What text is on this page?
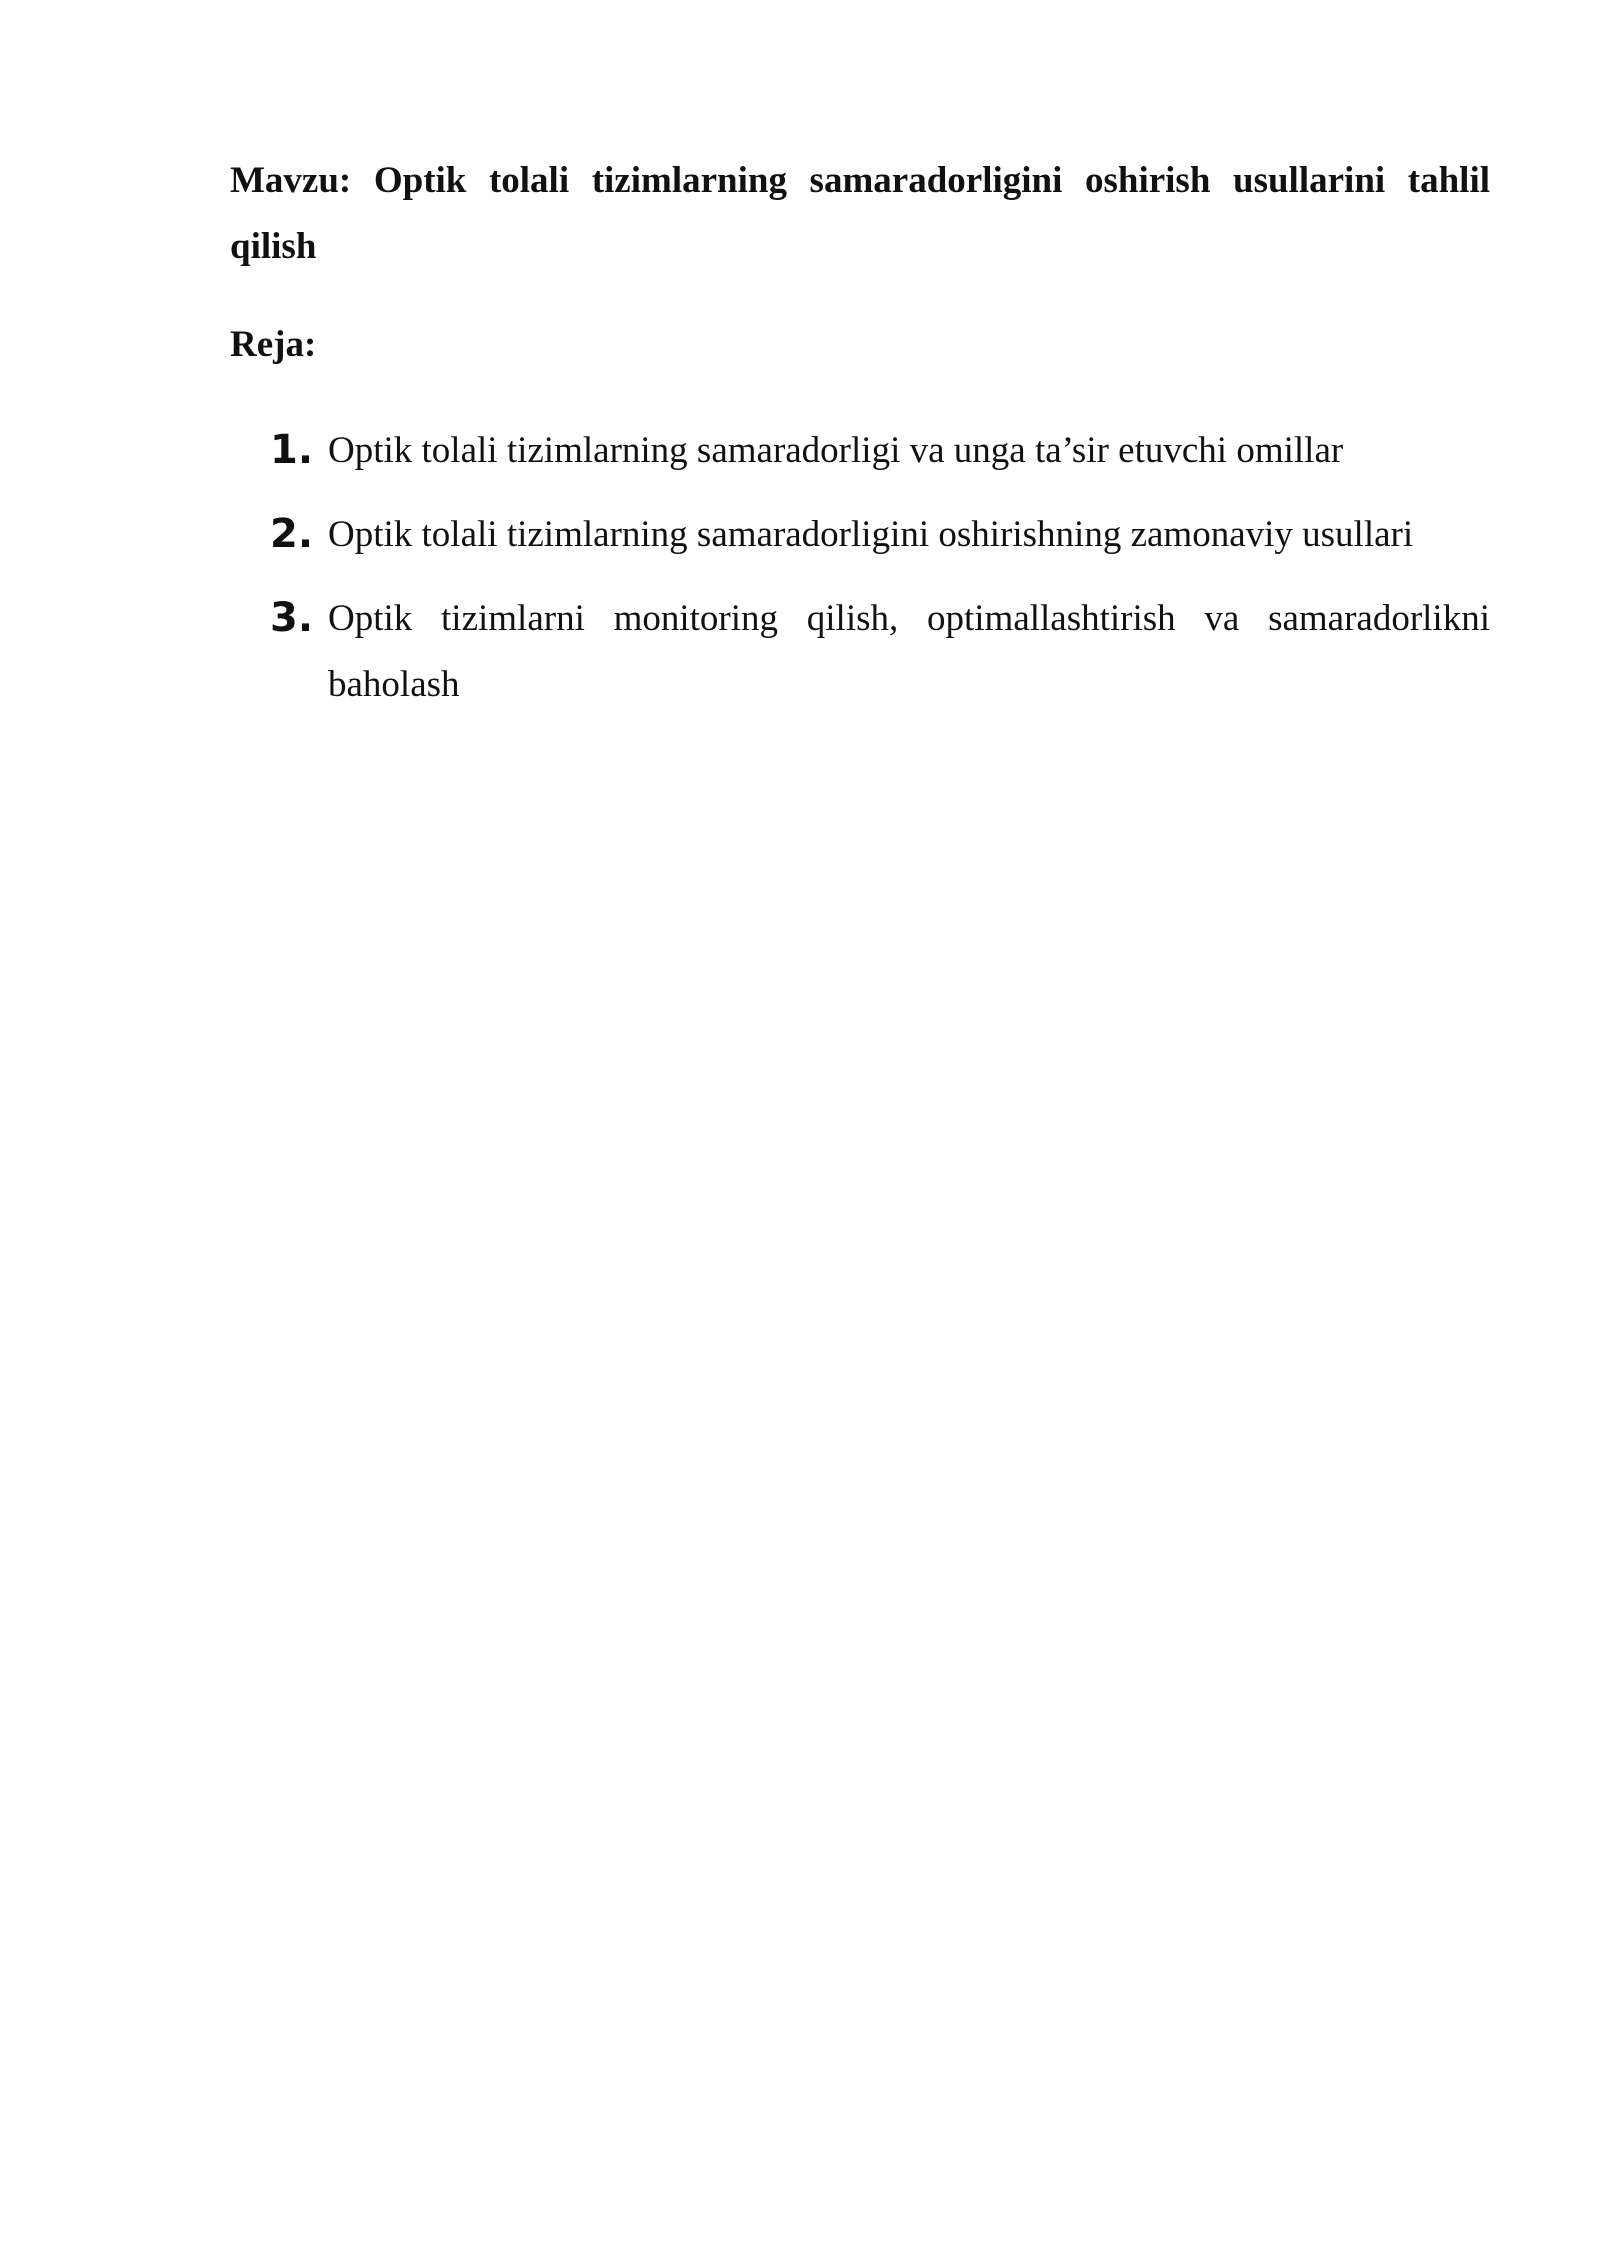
Mavzu: Optik tolali tizimlarning samaradorligini oshirish usullarini tahlil qilish

Reja:

1. Optik tolali tizimlarning samaradorligi va unga ta’sir etuvchi omillar
2. Optik tolali tizimlarning samaradorligini oshirishning zamonaviy usullari
3. Optik tizimlarni monitoring qilish, optimallashtirish va samaradorlikni baholash
